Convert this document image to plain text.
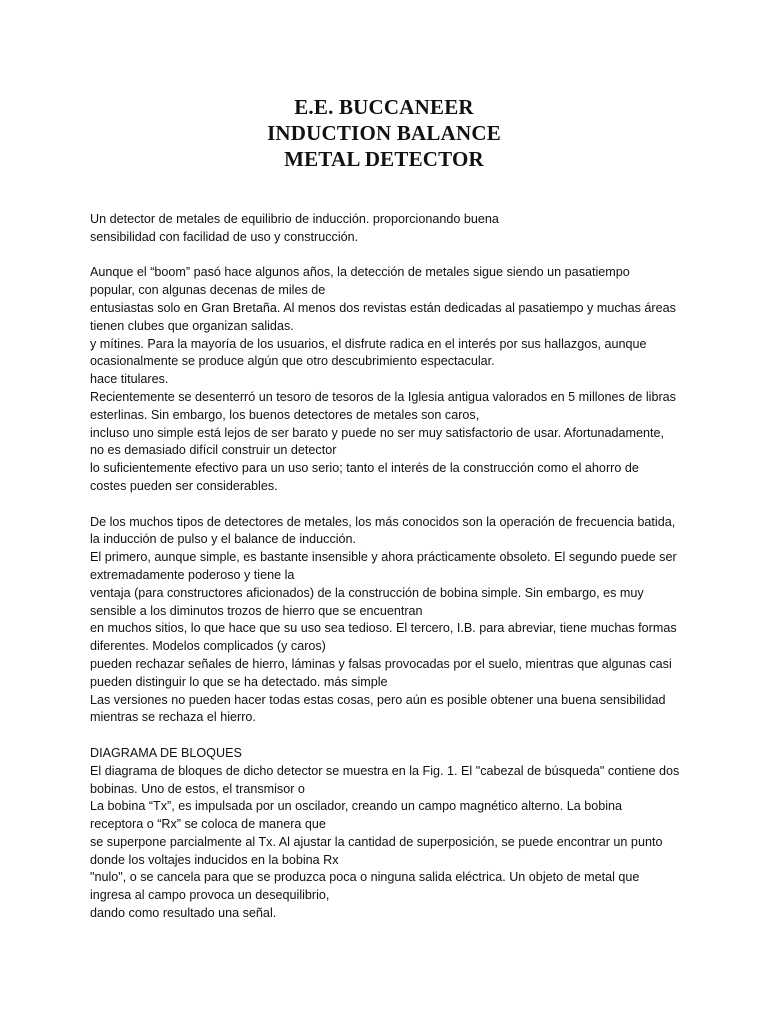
E.E. BUCCANEER
INDUCTION BALANCE
METAL DETECTOR
Un detector de metales de equilibrio de inducción. proporcionando buena
sensibilidad con facilidad de uso y construcción.
Aunque el “boom” pasó hace algunos años, la detección de metales sigue siendo un pasatiempo
popular, con algunas decenas de miles de
entusiastas solo en Gran Bretaña. Al menos dos revistas están dedicadas al pasatiempo y muchas áreas
tienen clubes que organizan salidas.
y mítines. Para la mayoría de los usuarios, el disfrute radica en el interés por sus hallazgos, aunque
ocasionalmente se produce algún que otro descubrimiento espectacular.
hace titulares.
Recientemente se desenterró un tesoro de tesoros de la Iglesia antigua valorados en 5 millones de libras
esterlinas. Sin embargo, los buenos detectores de metales son caros,
incluso uno simple está lejos de ser barato y puede no ser muy satisfactorio de usar. Afortunadamente,
no es demasiado difícil construir un detector
lo suficientemente efectivo para un uso serio; tanto el interés de la construcción como el ahorro de
costes pueden ser considerables.
De los muchos tipos de detectores de metales, los más conocidos son la operación de frecuencia batida,
la inducción de pulso y el balance de inducción.
El primero, aunque simple, es bastante insensible y ahora prácticamente obsoleto. El segundo puede ser
extremadamente poderoso y tiene la
ventaja (para constructores aficionados) de la construcción de bobina simple. Sin embargo, es muy
sensible a los diminutos trozos de hierro que se encuentran
en muchos sitios, lo que hace que su uso sea tedioso. El tercero, I.B. para abreviar, tiene muchas formas
diferentes. Modelos complicados (y caros)
pueden rechazar señales de hierro, láminas y falsas provocadas por el suelo, mientras que algunas casi
pueden distinguir lo que se ha detectado. más simple
Las versiones no pueden hacer todas estas cosas, pero aún es posible obtener una buena sensibilidad
mientras se rechaza el hierro.
DIAGRAMA DE BLOQUES
El diagrama de bloques de dicho detector se muestra en la Fig. 1. El "cabezal de búsqueda" contiene dos
bobinas. Uno de estos, el transmisor o
La bobina “Tx”, es impulsada por un oscilador, creando un campo magnético alterno. La bobina
receptora o “Rx” se coloca de manera que
se superpone parcialmente al Tx. Al ajustar la cantidad de superposición, se puede encontrar un punto
donde los voltajes inducidos en la bobina Rx
"nulo", o se cancela para que se produzca poca o ninguna salida eléctrica. Un objeto de metal que
ingresa al campo provoca un desequilibrio,
dando como resultado una señal.
